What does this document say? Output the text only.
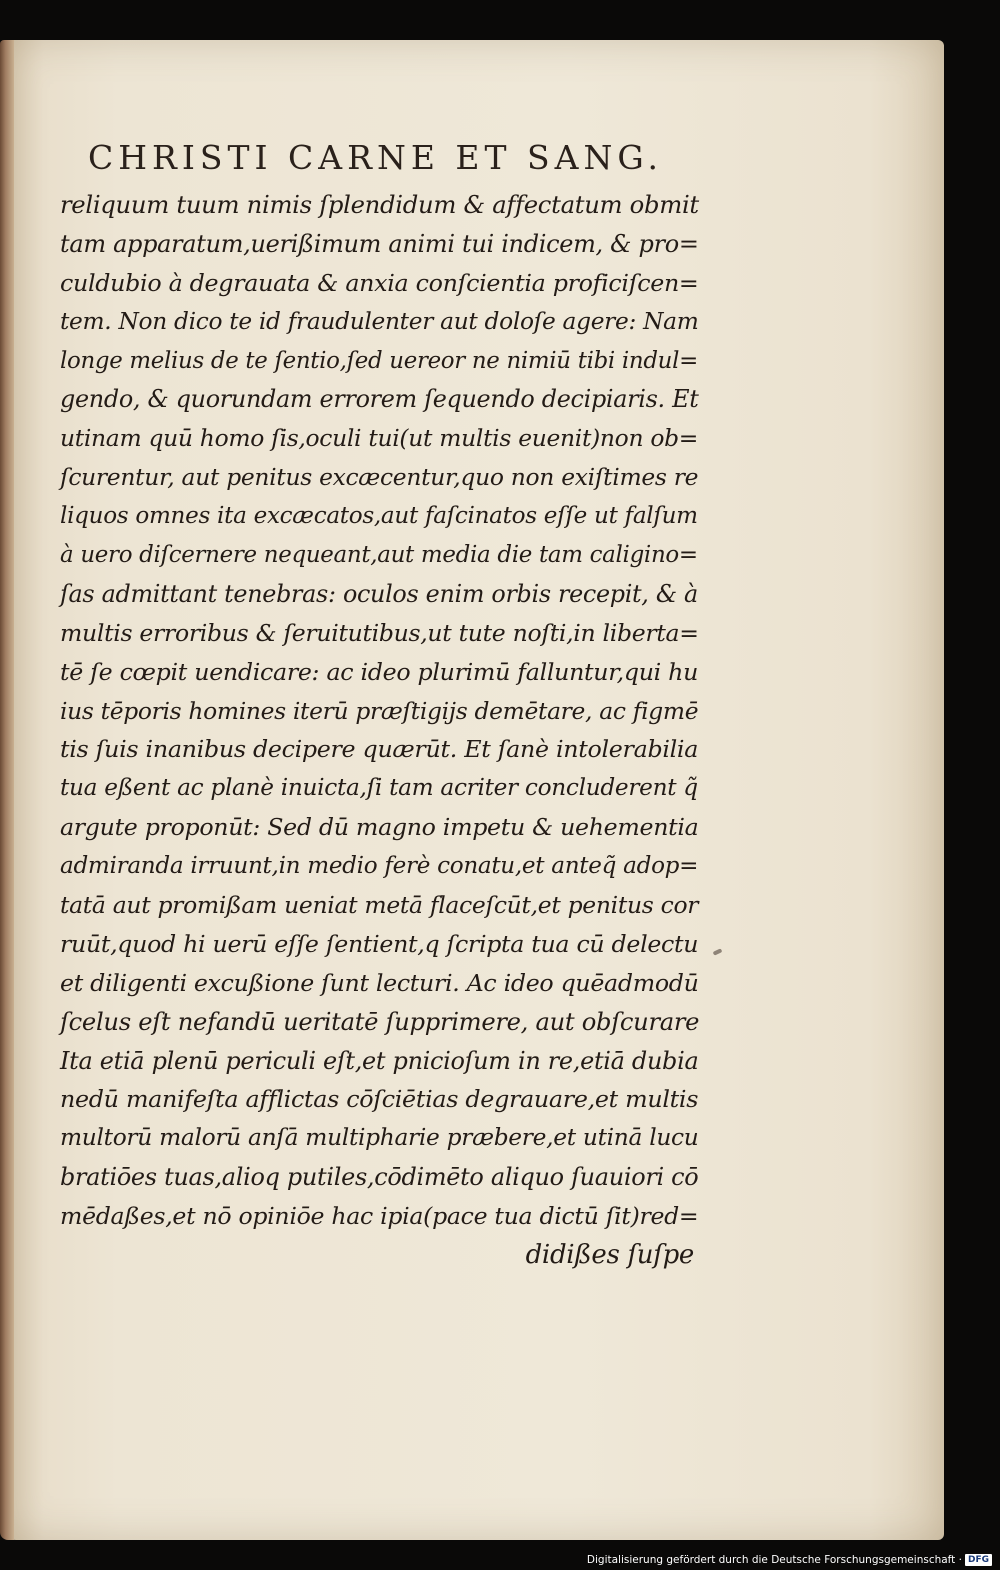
CHRISTI CARNE ET SANG.
reliquum tuum nimis ſplendidum & affectatum obmit
tam apparatum,uerißimum animi tui indicem, & pro=
culdubio à degrauata & anxia conſcientia proficiſcen=
tem. Non dico te id fraudulenter aut doloſe agere: Nam
longe melius de te ſentio,ſed uereor ne nimiū tibi indul=
gendo, & quorundam errorem ſequendo decipiaris. Et
utinam quū homo ſis,oculi tui(ut multis euenit)non ob=
ſcurentur, aut penitus excæcentur,quo non exiſtimes re
liquos omnes ita excæcatos,aut faſcinatos eſſe ut falſum
à uero diſcernere nequeant,aut media die tam caligino=
ſas admittant tenebras: oculos enim orbis recepit, & à
multis erroribus & ſeruitutibus,ut tute noſti,in liberta=
tē ſe cœpit uendicare: ac ideo plurimū falluntur,qui hu
ius tēporis homines iterū præſtigijs demētare, ac figmē
tis ſuis inanibus decipere quærūt. Et ſanè intolerabilia
tua eßent ac planè inuicta,ſi tam acriter concluderent q̃
argute proponūt: Sed dū magno impetu & uehementia
admiranda irruunt,in medio ferè conatu,et anteq̃ adop=
tatā aut promißam ueniat metā flaceſcūt,et penitus cor
ruūt,quod hi uerū eſſe ſentient,q ſcripta tua cū delectu
et diligenti excußione ſunt lecturi. Ac ideo quēadmodū
ſcelus eſt nefandū ueritatē ſupprimere, aut obſcurare
Ita etiā plenū periculi eſt,et pnicioſum in re,etiā dubia
nedū manifeſta afflictas cōſciētias degrauare,et multis
multorū malorū anſā multipharie præbere,et utinā lucu
bratiōes tuas,alioq putiles,cōdimēto aliquo ſuauiori cō
mēdaßes,et nō opiniōe hac ipia(pace tua dictū ſit)red=
didißes ſuſpe
Digitalisierung gefördert durch die Deutsche Forschungsgemeinschaft · DFG
